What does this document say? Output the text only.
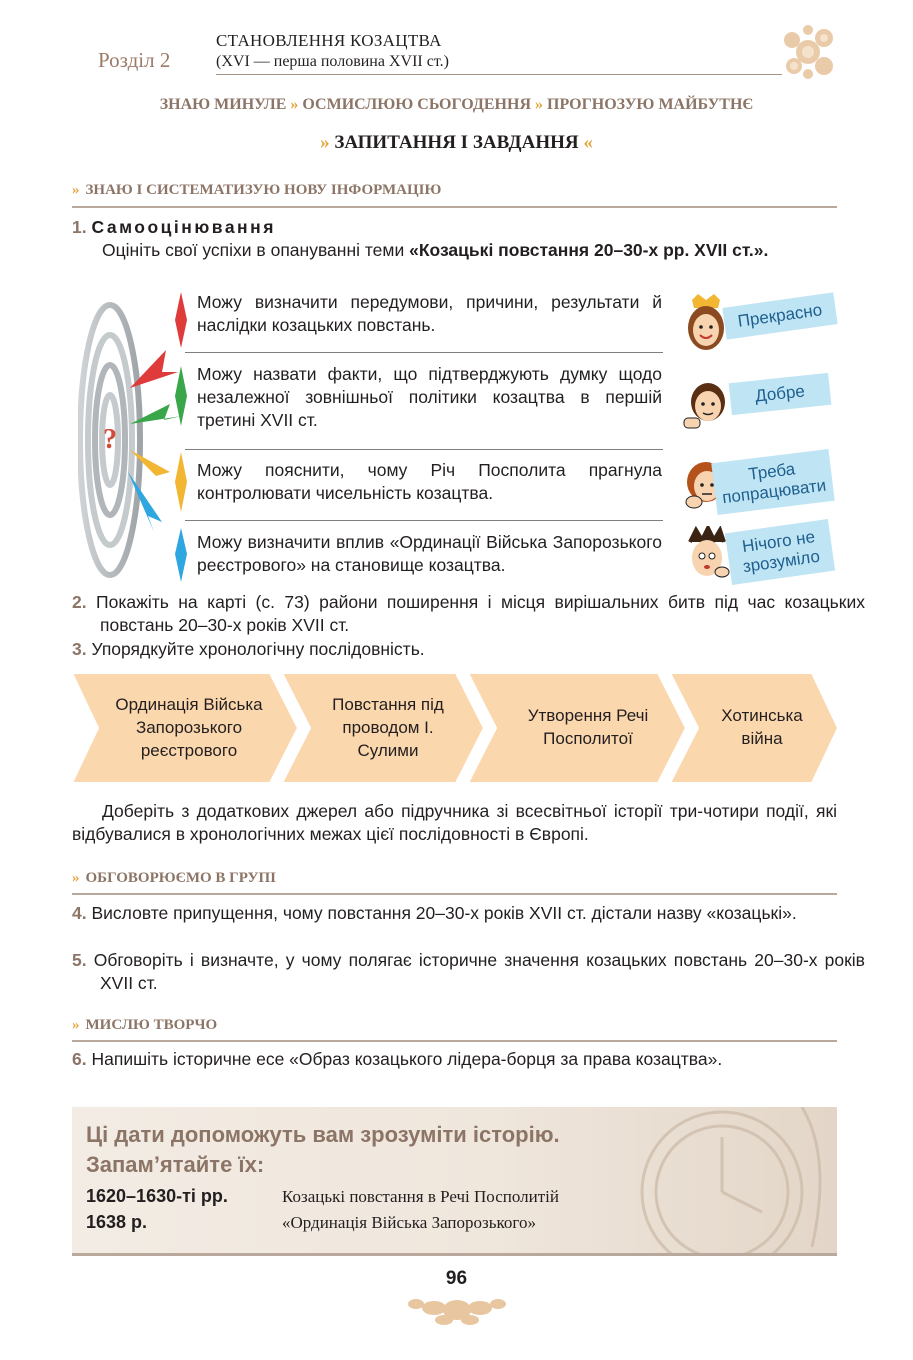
Розділ 2
СТАНОВЛЕННЯ КОЗАЦТВА
(XVI — перша половина XVII ст.)
ЗНАЮ МИНУЛЕ » ОСМИСЛЮЮ СЬОГОДЕННЯ » ПРОГНОЗУЮ МАЙБУТНЄ
» ЗАПИТАННЯ І ЗАВДАННЯ «
» ЗНАЮ І СИСТЕМАТИЗУЮ НОВУ ІНФОРМАЦІЮ
1. Самооцінювання
Оцініть свої успіхи в опануванні теми «Козацькі повстання 20–30-х рр. XVII ст.».
?
Можу визначити передумови, причини, результати й наслідки козацьких повстань.
Можу назвати факти, що підтверджують думку щодо незалежної зовнішньої політики козацтва в першій третині XVII ст.
Можу пояснити, чому Річ Посполита прагнула контролювати чисельність козацтва.
Можу визначити вплив «Ординації Війська Запорозького реєстрового» на становище козацтва.
Прекрасно
Добре
Треба попрацювати
Нічого не зрозуміло
2. Покажіть на карті (с. 73) райони поширення і місця вирішальних битв під час козацьких повстань 20–30-х років XVII ст.
3. Упорядкуйте хронологічну послідовність.
Ординація Війська Запорозького реєстрового
Повстання під проводом І. Сулими
Утворення Речі Посполитої
Хотинська війна
Доберіть з додаткових джерел або підручника зі всесвітньої історії три-чотири події, які відбувалися в хронологічних межах цієї послідовності в Європі.
» ОБГОВОРЮЄМО В ГРУПІ
4. Висловте припущення, чому повстання 20–30-х років XVII ст. дістали назву «козацькі».
5. Обговоріть і визначте, у чому полягає історичне значення козацьких повстань 20–30-х років XVII ст.
» МИСЛЮ ТВОРЧО
6. Напишіть історичне есе «Образ козацького лідера-борця за права козацтва».
Ці дати допоможуть вам зрозуміти історію.
Запам’ятайте їх:
1620–1630-ті рр.	Козацькі повстання в Речі Посполитій
1638 р.	«Ординація Війська Запорозького»
96
